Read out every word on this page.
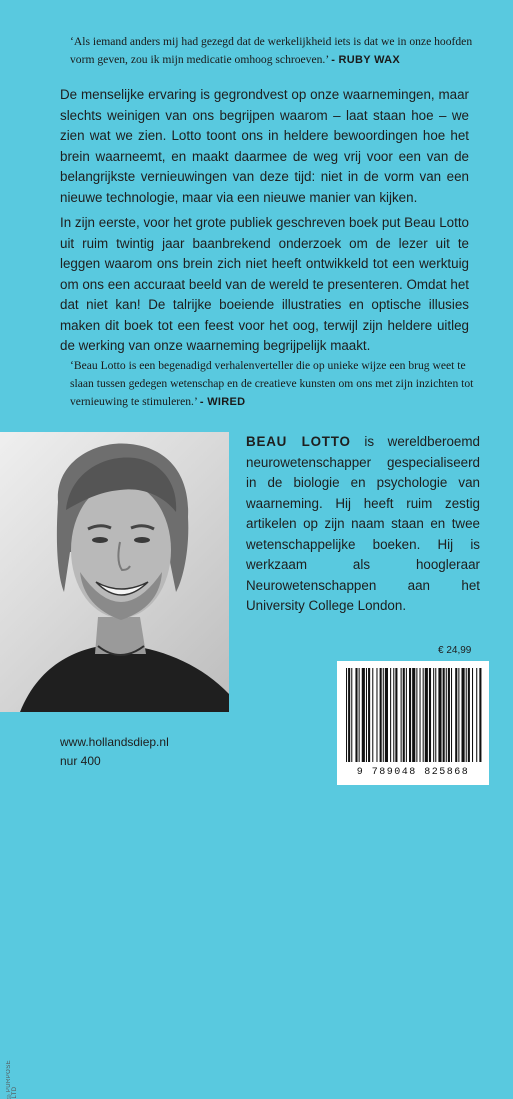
‘Als iemand anders mij had gezegd dat de werkelijkheid iets is dat we in onze hoofden vorm geven, zou ik mijn medicatie omhoog schroeven.’ - RUBY WAX
De menselijke ervaring is gegrondvest op onze waarnemingen, maar slechts weinigen van ons begrijpen waarom – laat staan hoe – we zien wat we zien. Lotto toont ons in heldere bewoordingen hoe het brein waarneemt, en maakt daarmee de weg vrij voor een van de belangrijkste vernieuwingen van deze tijd: niet in de vorm van een nieuwe technologie, maar via een nieuwe manier van kijken.
In zijn eerste, voor het grote publiek geschreven boek put Beau Lotto uit ruim twintig jaar baanbrekend onderzoek om de lezer uit te leggen waarom ons brein zich niet heeft ontwikkeld tot een werktuig om ons een accuraat beeld van de wereld te presenteren. Omdat het dat niet kan! De talrijke boeiende illustraties en optische illusies maken dit boek tot een feest voor het oog, terwijl zijn heldere uitleg de werking van onze waarneming begrijpelijk maakt.
‘Beau Lotto is een begenadigd verhalenverteller die op unieke wijze een brug weet te slaan tussen gedegen wetenschap en de creatieve kunsten om ons met zijn inzichten tot vernieuwing te stimuleren.’ - WIRED
©PURPOSE LTD
BEAU LOTTO is wereldberoemd neurowetenschapper gespecialiseerd in de biologie en psychologie van waarneming. Hij heeft ruim zestig artikelen op zijn naam staan en twee wetenschappelijke boeken. Hij is werkzaam als hoogleraar Neurowetenschappen aan het University College London.
€ 24,99
9 789048 825868
www.hollandsdiep.nl
nur 400
